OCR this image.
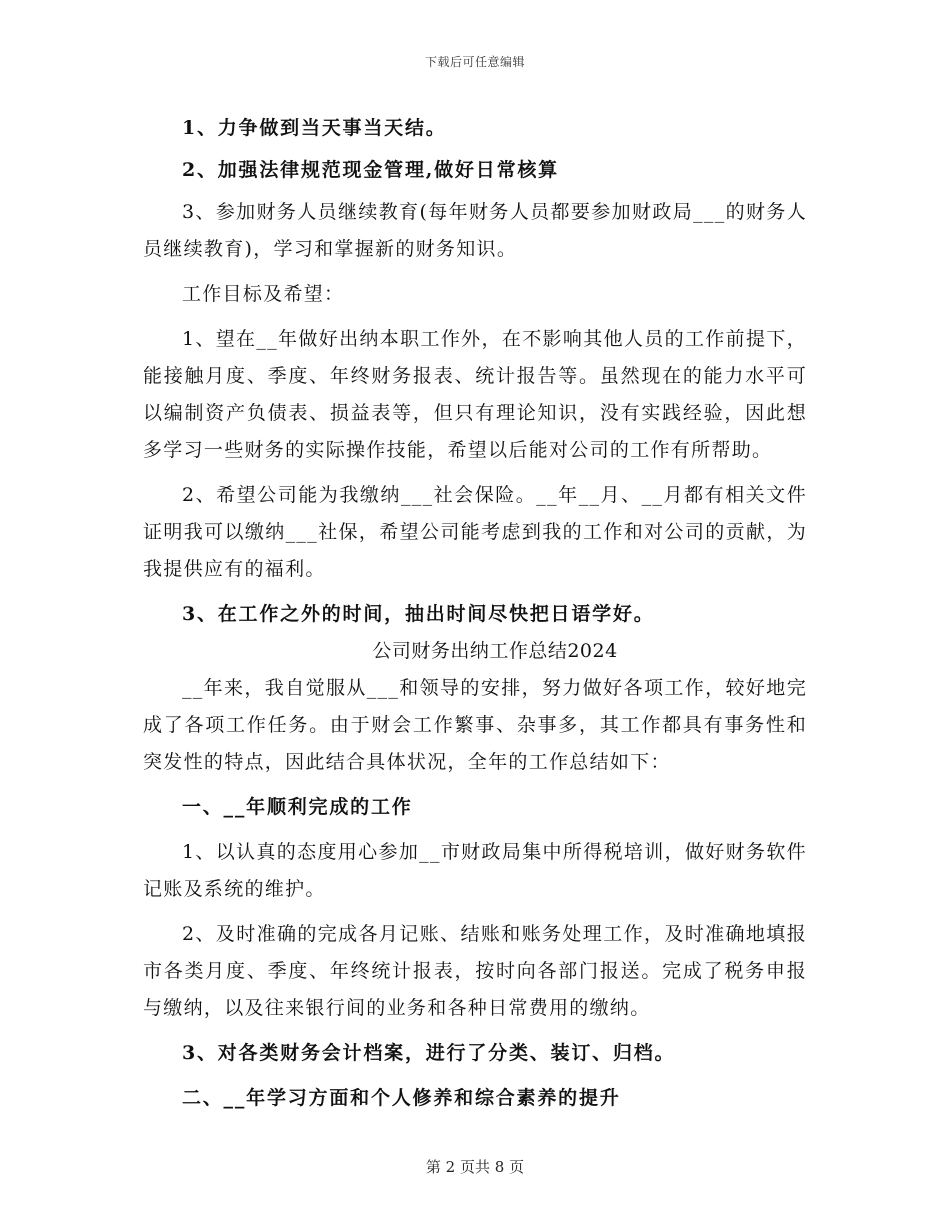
下载后可任意编辑

1、力争做到当天事当天结。

2、加强法律规范现金管理,做好日常核算

3、参加财务人员继续教育(每年财务人员都要参加财政局___的财务人员继续教育)，学习和掌握新的财务知识。

工作目标及希望：

1、望在__年做好出纳本职工作外，在不影响其他人员的工作前提下，能接触月度、季度、年终财务报表、统计报告等。虽然现在的能力水平可以编制资产负债表、损益表等，但只有理论知识，没有实践经验，因此想多学习一些财务的实际操作技能，希望以后能对公司的工作有所帮助。

2、希望公司能为我缴纳___社会保险。__年__月、__月都有相关文件证明我可以缴纳___社保，希望公司能考虑到我的工作和对公司的贡献，为我提供应有的福利。

3、在工作之外的时间，抽出时间尽快把日语学好。

公司财务出纳工作总结2024

__年来，我自觉服从___和领导的安排，努力做好各项工作，较好地完成了各项工作任务。由于财会工作繁事、杂事多，其工作都具有事务性和突发性的特点，因此结合具体状况，全年的工作总结如下：

一、__年顺利完成的工作

1、以认真的态度用心参加__市财政局集中所得税培训，做好财务软件记账及系统的维护。

2、及时准确的完成各月记账、结账和账务处理工作，及时准确地填报市各类月度、季度、年终统计报表，按时向各部门报送。完成了税务申报与缴纳，以及往来银行间的业务和各种日常费用的缴纳。

3、对各类财务会计档案，进行了分类、装订、归档。

二、__年学习方面和个人修养和综合素养的提升

第 2 页共 8 页
